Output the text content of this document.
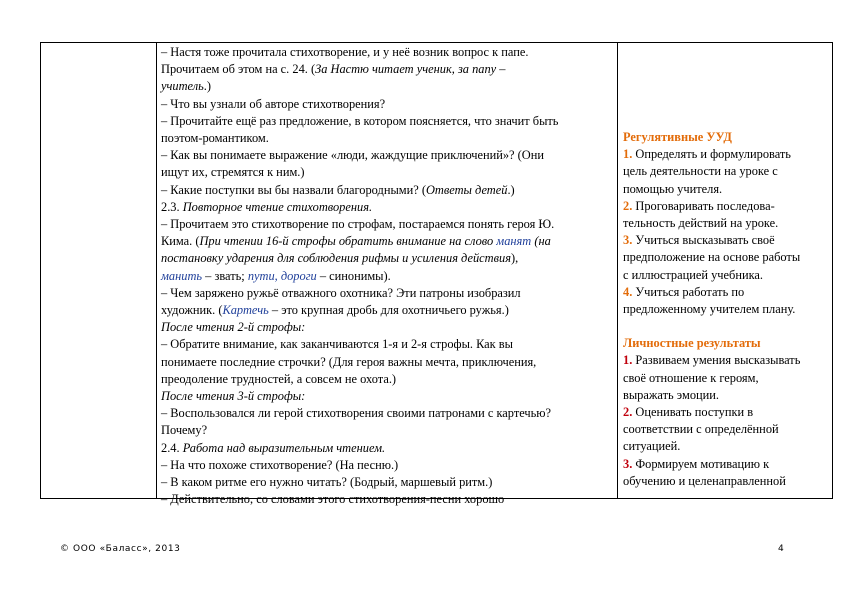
– Настя тоже прочитала стихотворение, и у неё возник вопрос к папе.
Прочитаем об этом на с. 24. (За Настю читает ученик, за папу –
учитель.)
– Что вы узнали об авторе стихотворения?
– Прочитайте ещё раз предложение, в котором поясняется, что значит быть
поэтом-романтиком.
– Как вы понимаете выражение «люди, жаждущие приключений»? (Они
ищут их, стремятся к ним.)
– Какие поступки вы бы назвали благородными? (Ответы детей.)
2.3. Повторное чтение стихотворения.
– Прочитаем это стихотворение по строфам, постараемся понять героя Ю.
Кима. (При чтении 16-й строфы обратить внимание на слово манят (на
постановку ударения для соблюдения рифмы и усиления действия),
манить – звать; пути, дороги – синонимы).
– Чем заряжено ружьё отважного охотника? Эти патроны изобразил
художник. (Картечь – это крупная дробь для охотничьего ружья.)
После чтения 2-й строфы:
– Обратите внимание, как заканчиваются 1-я и 2-я строфы. Как вы
понимаете последние строчки? (Для героя важны мечта, приключения,
преодоление трудностей, а совсем не охота.)
После чтения 3-й строфы:
– Воспользовался ли герой стихотворения своими патронами с картечью?
Почему?
2.4. Работа над выразительным чтением.
– На что похоже стихотворение? (На песню.)
– В каком ритме его нужно читать? (Бодрый, маршевый ритм.)
– Действительно, со словами этого стихотворения-песни хорошо
Регулятивные УУД
1. Определять и формулировать
цель деятельности на уроке с
помощью учителя.
2. Проговаривать последова-
тельность действий на уроке.
3. Учиться высказывать своё
предположение на основе работы
с иллюстрацией учебника.
4. Учиться работать по
предложенному учителем плану.
Личностные результаты
1. Развиваем умения высказывать
своё отношение к героям,
выражать эмоции.
2. Оценивать поступки в
соответствии с определённой
ситуацией.
3. Формируем мотивацию к
обучению и целенаправленной
© ООО «Баласс», 2013	4
